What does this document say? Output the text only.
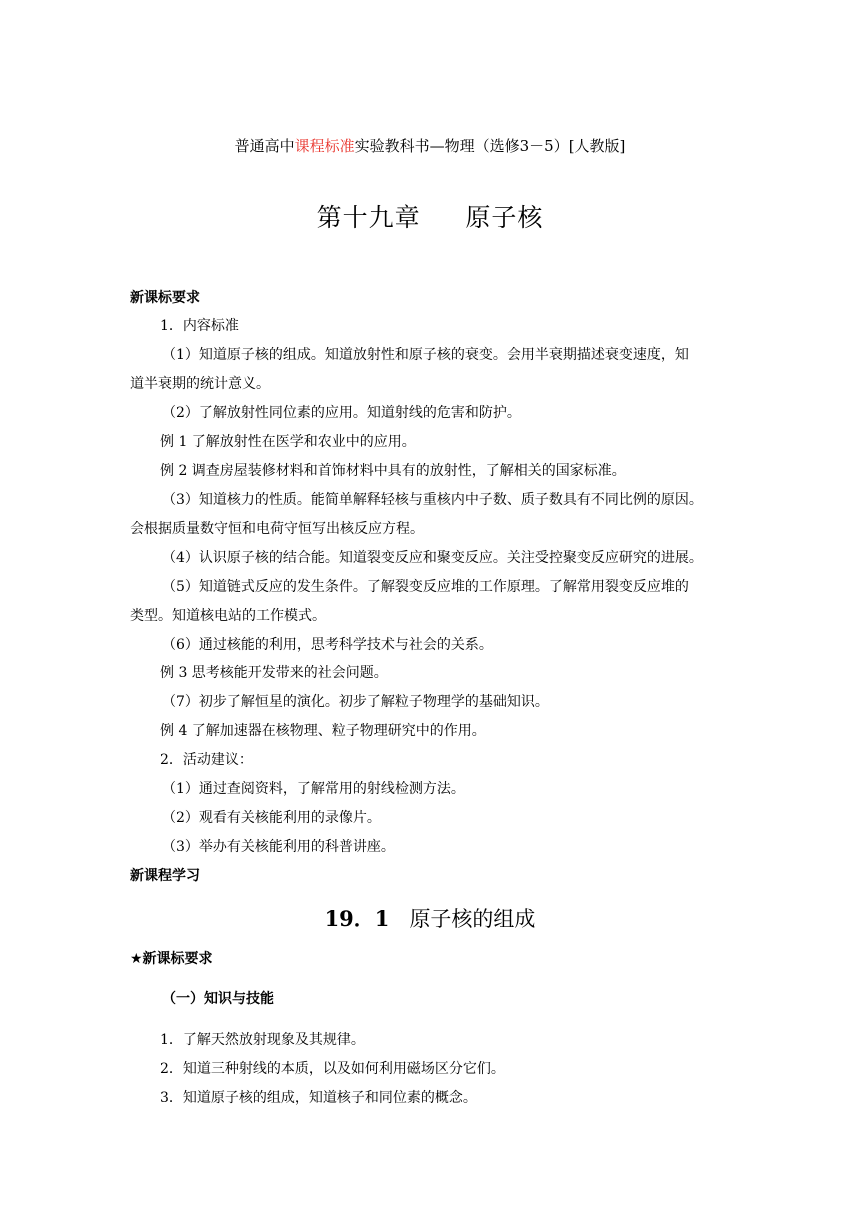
普通高中课程标准实验教科书—物理（选修3－5）[人教版]
第十九章     原子核
新课标要求
1．内容标准
（1）知道原子核的组成。知道放射性和原子核的衰变。会用半衰期描述衰变速度，知
道半衰期的统计意义。
（2）了解放射性同位素的应用。知道射线的危害和防护。
例 1 了解放射性在医学和农业中的应用。
例 2 调查房屋装修材料和首饰材料中具有的放射性，了解相关的国家标准。
（3）知道核力的性质。能简单解释轻核与重核内中子数、质子数具有不同比例的原因。
会根据质量数守恒和电荷守恒写出核反应方程。
（4）认识原子核的结合能。知道裂变反应和聚变反应。关注受控聚变反应研究的进展。
（5）知道链式反应的发生条件。了解裂变反应堆的工作原理。了解常用裂变反应堆的
类型。知道核电站的工作模式。
（6）通过核能的利用，思考科学技术与社会的关系。
例 3 思考核能开发带来的社会问题。
（7）初步了解恒星的演化。初步了解粒子物理学的基础知识。
例 4 了解加速器在核物理、粒子物理研究中的作用。
2．活动建议：
（1）通过查阅资料，了解常用的射线检测方法。
（2）观看有关核能利用的录像片。
（3）举办有关核能利用的科普讲座。
新课程学习
19．1 原子核的组成
★新课标要求
（一）知识与技能
1．了解天然放射现象及其规律。
2．知道三种射线的本质，以及如何利用磁场区分它们。
3．知道原子核的组成，知道核子和同位素的概念。
